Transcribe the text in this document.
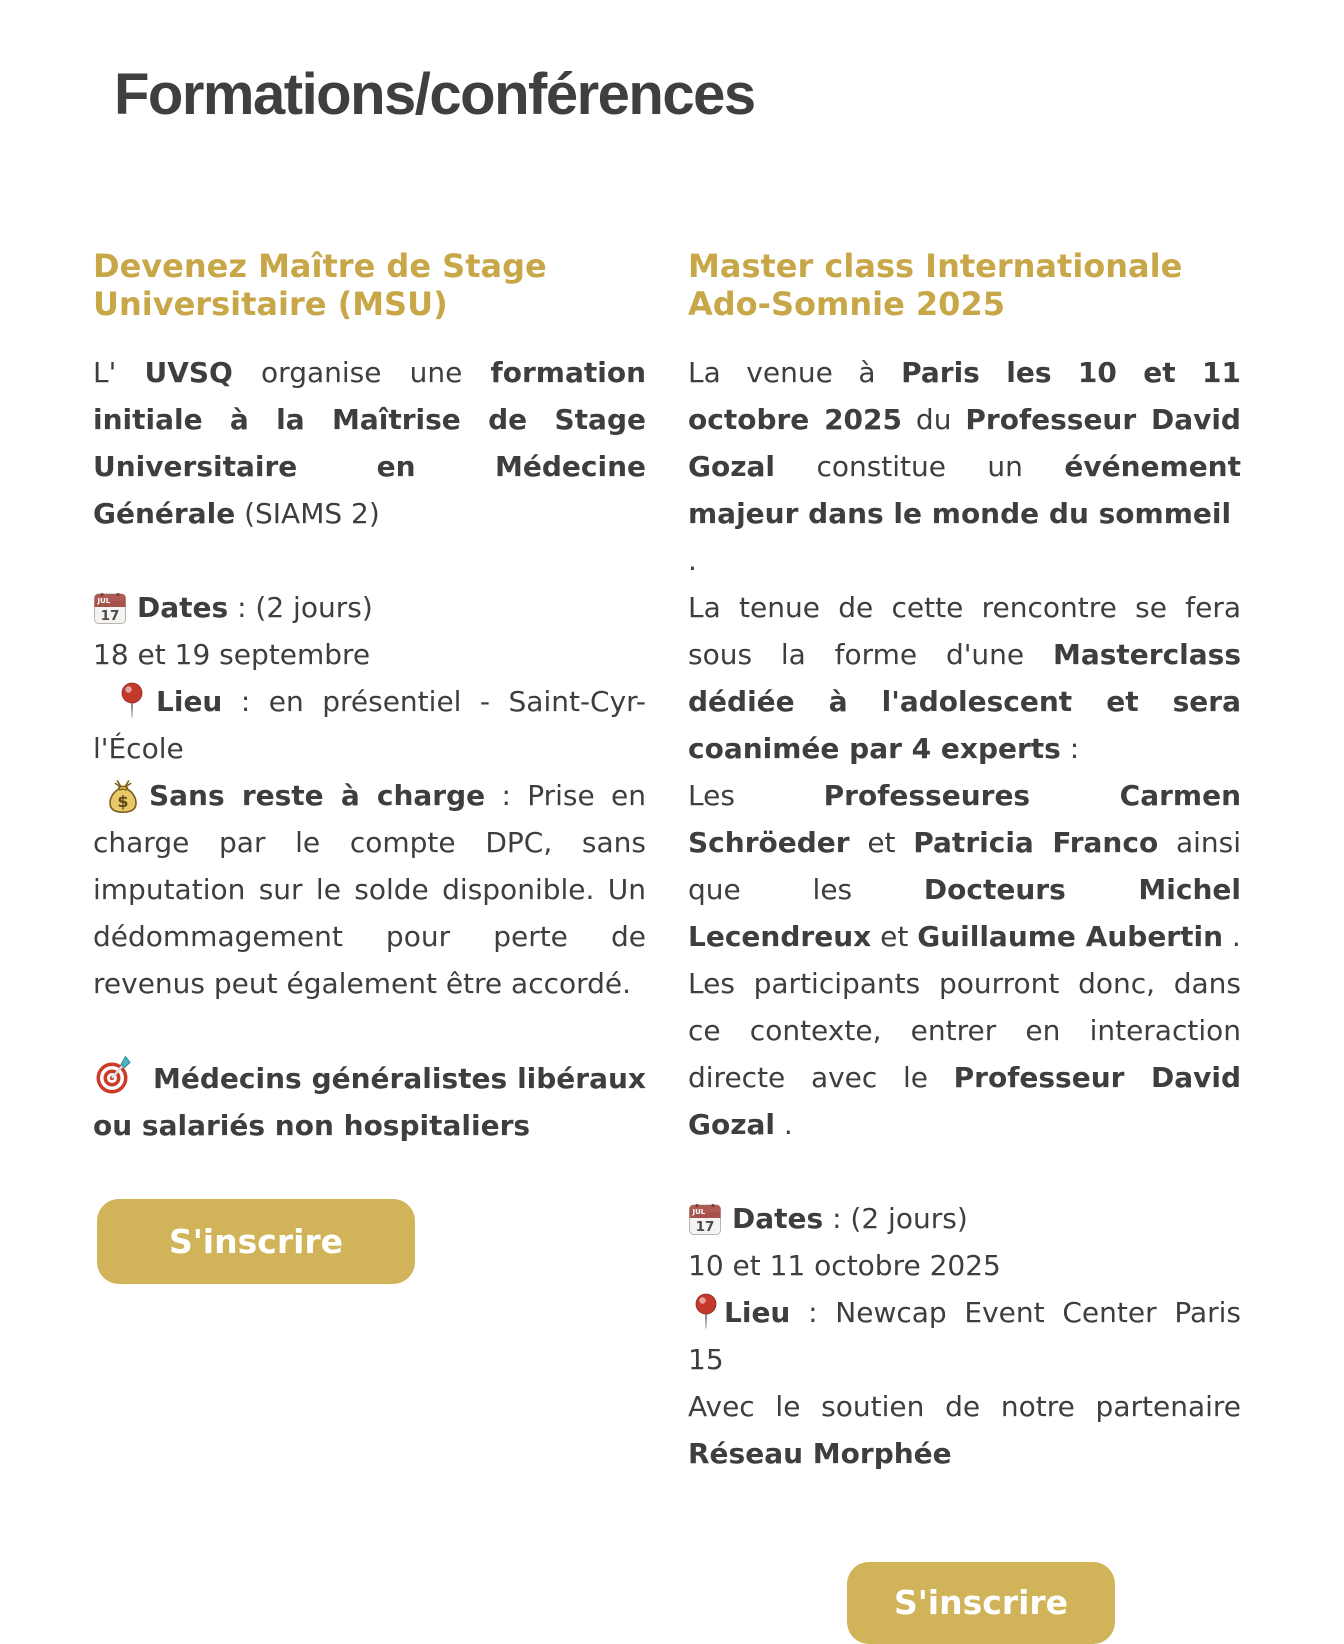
Formations/conférences
Devenez Maître de Stage Universitaire (MSU)

L' UVSQ organise une formation initiale à la Maîtrise de Stage Universitaire en Médecine Générale (SIAMS 2)

JUL
17 Dates : (2 jours)
18 et 19 septembre
Lieu : en présentiel - Saint-Cyr-l'École

$ Sans reste à charge : Prise en charge par le compte DPC, sans imputation sur le solde disponible. Un dédommagement pour perte de revenus peut également être accordé.

Médecins généralistes libéraux ou salariés non hospitaliers

S'inscrire
Master class Internationale Ado-Somnie 2025

La venue à Paris les 10 et 11 octobre 2025 du Professeur David Gozal constitue un événement majeur dans le monde du sommeil
.

La tenue de cette rencontre se fera sous la forme d'une Masterclass dédiée à l'adolescent et sera coanimée par 4 experts :

Les Professeures Carmen Schröeder et Patricia Franco ainsi que les Docteurs Michel Lecendreux et Guillaume Aubertin .

Les participants pourront donc, dans ce contexte, entrer en interaction directe avec le Professeur David Gozal .

JUL
17 Dates : (2 jours)
10 et 11 octobre 2025
Lieu : Newcap Event Center Paris 15
Avec le soutien de notre partenaire Réseau Morphée

S'inscrire
